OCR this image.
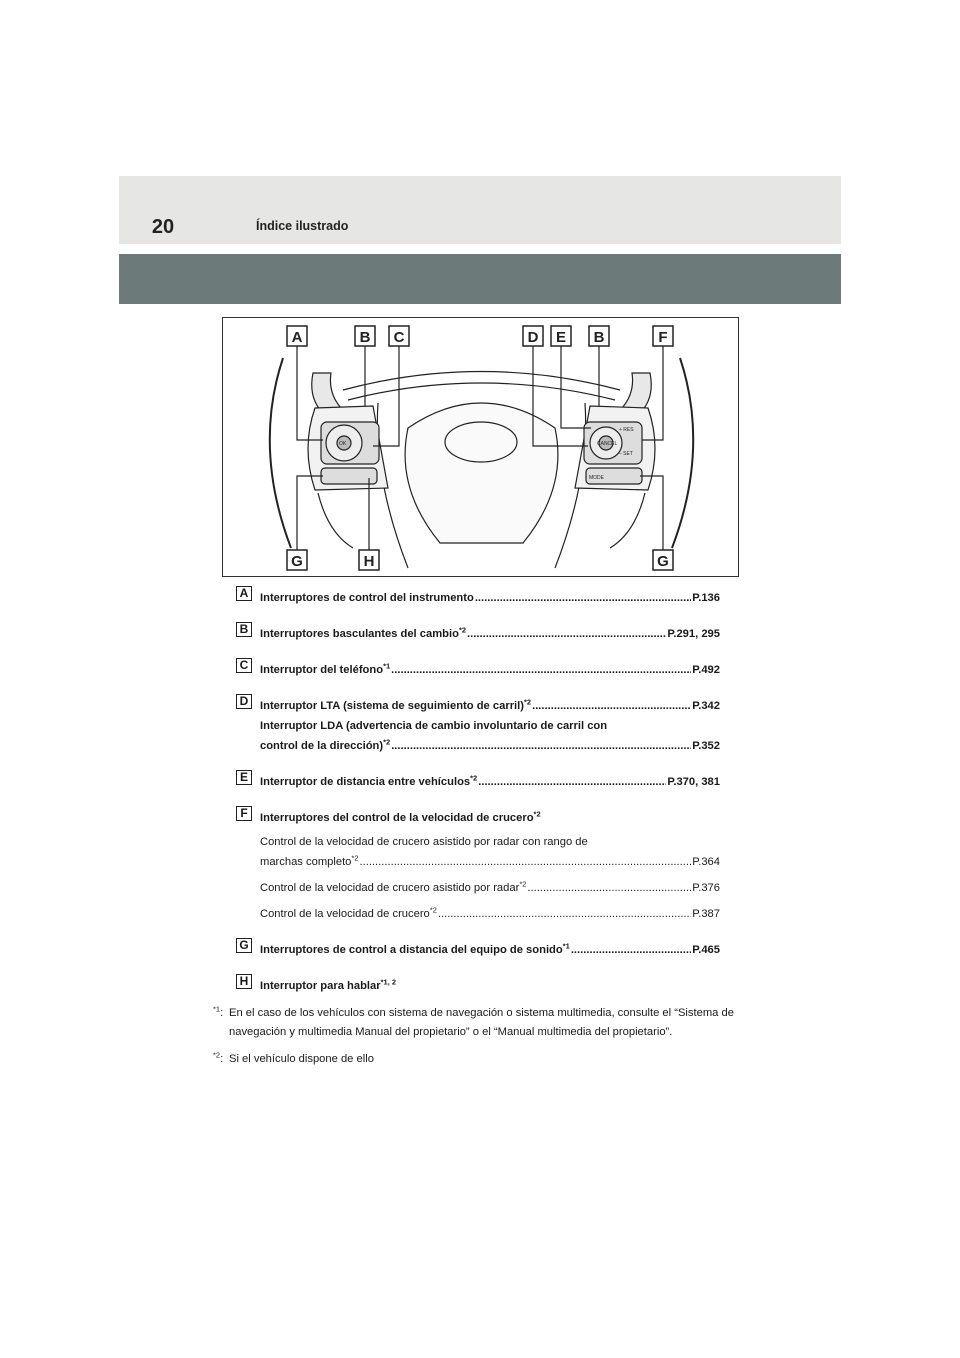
20	Índice ilustrado
OK
+ RES
– SET
CANCEL
MODE
A	B C	D E B	F
G	H	G
A	Interruptores de control del instrumento .....	P.136
B	Interruptores basculantes del cambio$^{*2}$ .....	P.291, 295
C	Interruptor del teléfono$^{*1}$ .....	P.492
D	Interruptor LTA (sistema de seguimiento de carril)$^{*2}$ .....	P.342
Interruptor LDA (advertencia de cambio involuntario de carril con
control de la dirección)$^{*2}$ .....	P.352
E	Interruptor de distancia entre vehículos$^{*2}$ .....	P.370, 381
F	Interruptores del control de la velocidad de crucero$^{*2}$
Control de la velocidad de crucero asistido por radar con rango de
marchas completo$^{*2}$ .....	P.364
Control de la velocidad de crucero asistido por radar$^{*2}$ .....	P.376
Control de la velocidad de crucero$^{*2}$ .....	P.387
G Interruptores de control a distancia del equipo de sonido$^{*1}$ .....	P.465
H	Interruptor para hablar$^{*1, 2}$
$^{*1}$: En el caso de los vehículos con sistema de navegación o sistema multimedia, consulte el “Sistema de navegación y multimedia Manual del propietario” o el “Manual multimedia del propietario”.
$^{*2}$: Si el vehículo dispone de ello
